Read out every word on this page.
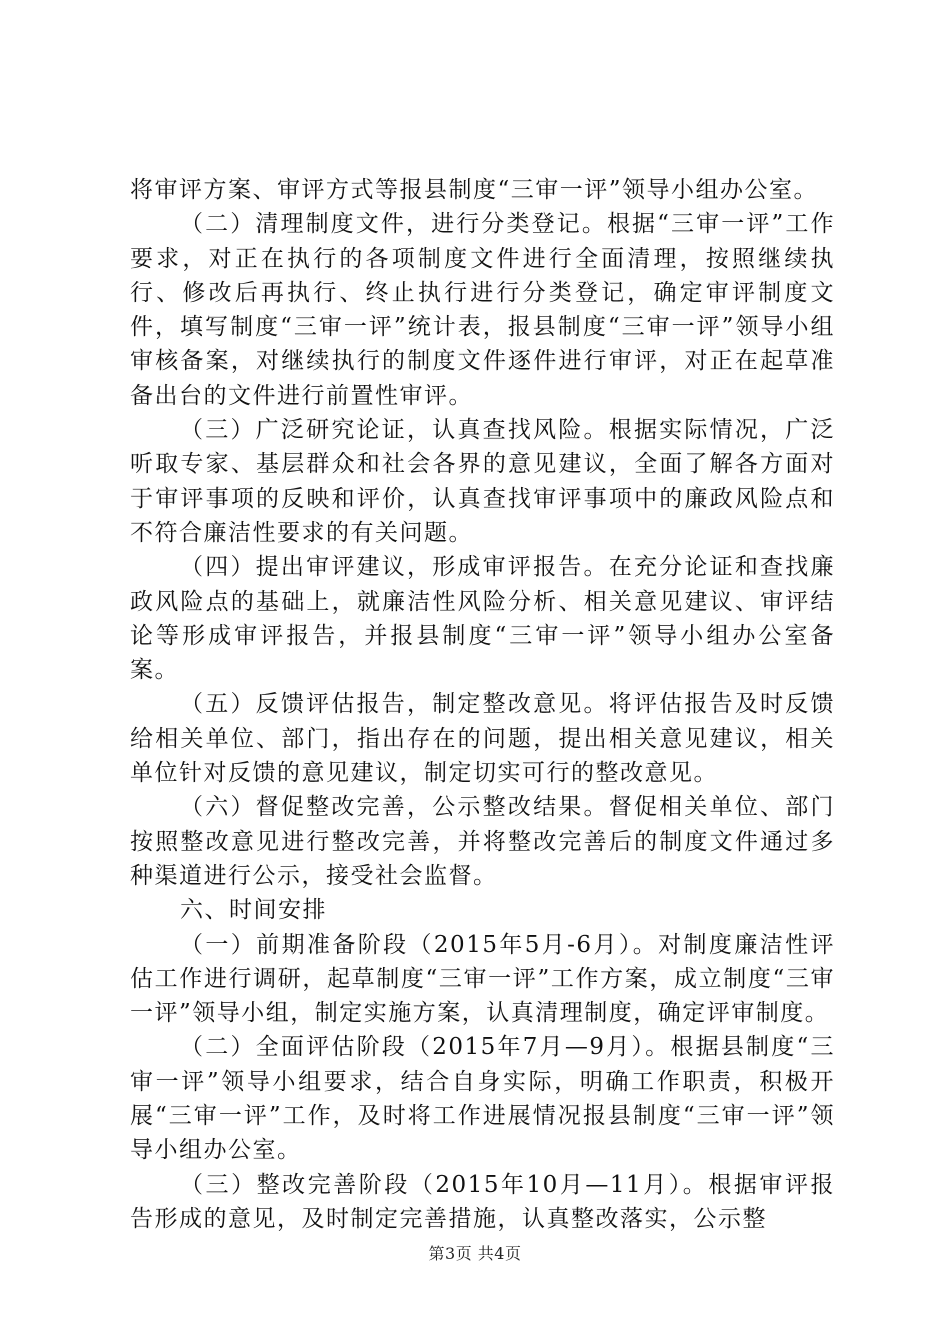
将审评方案、审评方式等报县制度“三审一评”领导小组办公室。

（二）清理制度文件，进行分类登记。根据“三审一评”工作要求，对正在执行的各项制度文件进行全面清理，按照继续执行、修改后再执行、终止执行进行分类登记，确定审评制度文件，填写制度“三审一评”统计表，报县制度“三审一评”领导小组审核备案，对继续执行的制度文件逐件进行审评，对正在起草准备出台的文件进行前置性审评。

（三）广泛研究论证，认真查找风险。根据实际情况，广泛听取专家、基层群众和社会各界的意见建议，全面了解各方面对于审评事项的反映和评价，认真查找审评事项中的廉政风险点和不符合廉洁性要求的有关问题。

（四）提出审评建议，形成审评报告。在充分论证和查找廉政风险点的基础上，就廉洁性风险分析、相关意见建议、审评结论等形成审评报告，并报县制度“三审一评”领导小组办公室备案。

（五）反馈评估报告，制定整改意见。将评估报告及时反馈给相关单位、部门，指出存在的问题，提出相关意见建议，相关单位针对反馈的意见建议，制定切实可行的整改意见。

（六）督促整改完善，公示整改结果。督促相关单位、部门按照整改意见进行整改完善，并将整改完善后的制度文件通过多种渠道进行公示，接受社会监督。

六、时间安排

（一）前期准备阶段（2015年5月-6月）。对制度廉洁性评估工作进行调研，起草制度“三审一评”工作方案，成立制度“三审一评”领导小组，制定实施方案，认真清理制度，确定评审制度。

（二）全面评估阶段（2015年7月—9月）。根据县制度“三审一评”领导小组要求，结合自身实际，明确工作职责，积极开展“三审一评”工作，及时将工作进展情况报县制度“三审一评”领导小组办公室。

（三）整改完善阶段（2015年10月—11月）。根据审评报告形成的意见，及时制定完善措施，认真整改落实，公示整

第3页 共4页
